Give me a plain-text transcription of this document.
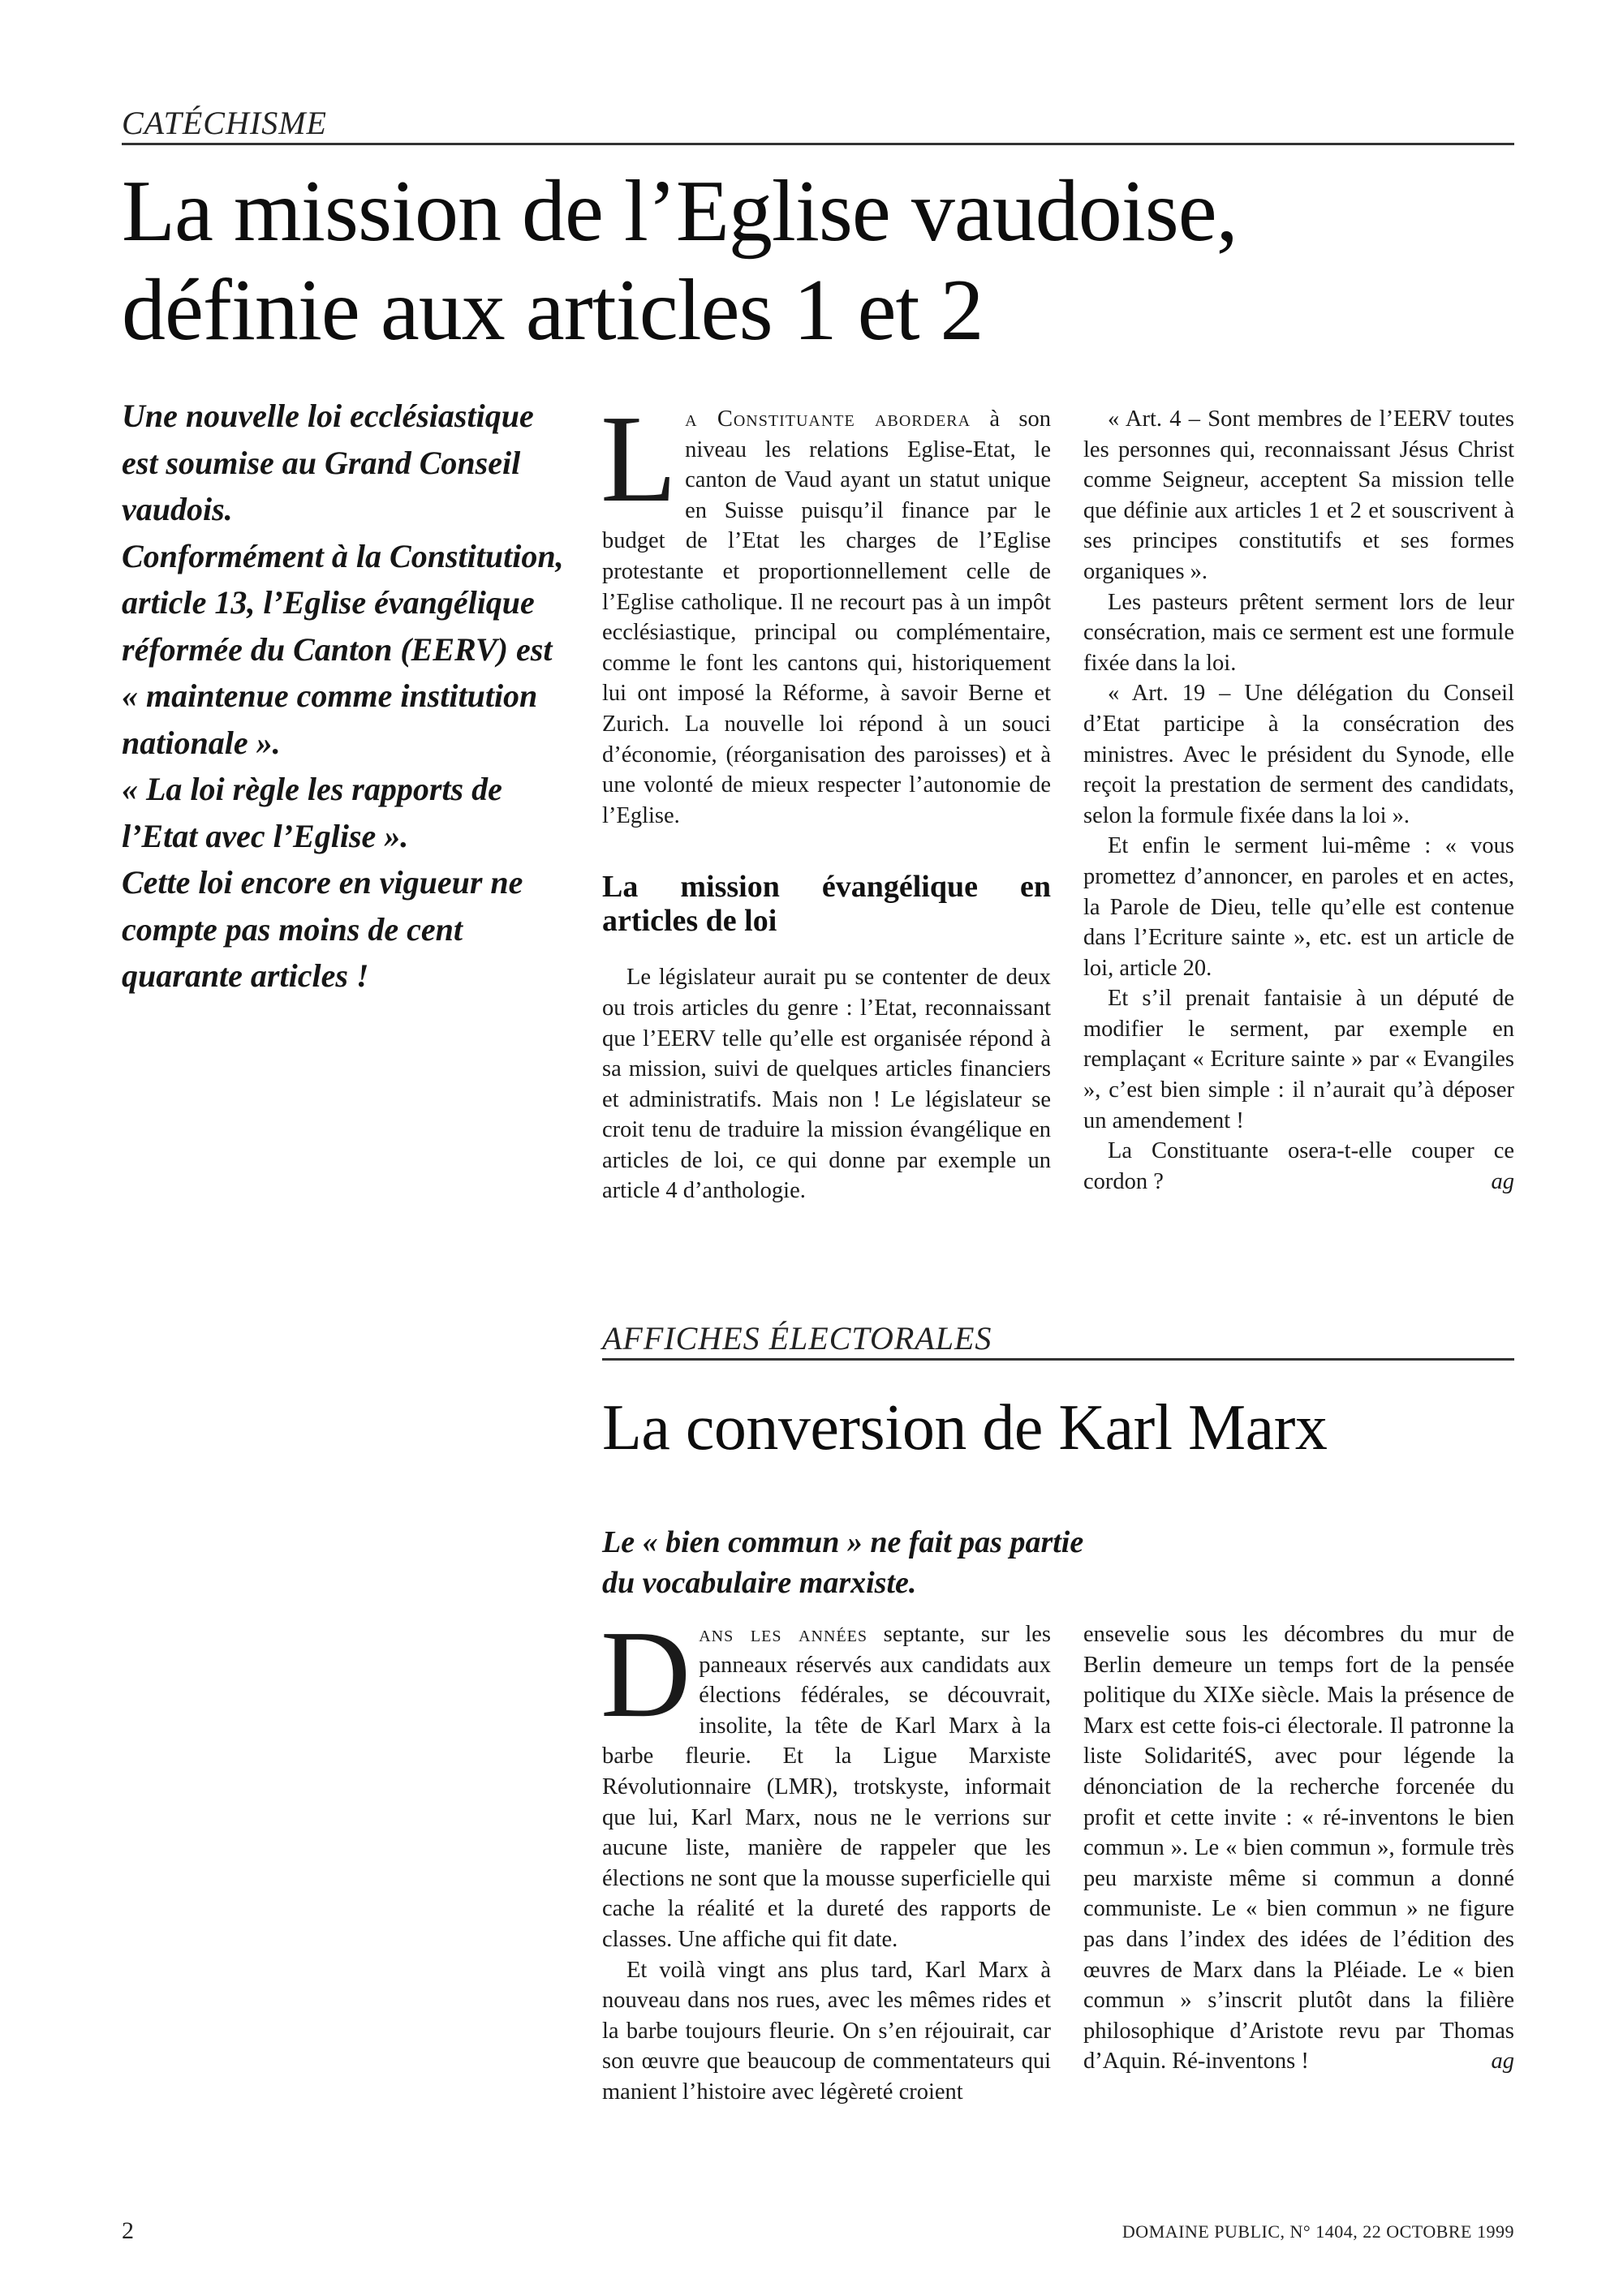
CATÉCHISME
La mission de l’Eglise vaudoise,
définie aux articles 1 et 2

Une nouvelle loi ecclésiastique est soumise au Grand Conseil vaudois.

Conformément à la Constitution, article 13, l’Eglise évangélique réformée du Canton (EERV) est « maintenue comme institution nationale ».

« La loi règle les rapports de l’Etat avec l’Eglise ».

Cette loi encore en vigueur ne compte pas moins de cent quarante articles !

La Constituante abordera à son niveau les relations Eglise-Etat, le canton de Vaud ayant un statut unique en Suisse puisqu’il finance par le budget de l’Etat les charges de l’Eglise protestante et proportionnellement celle de l’Eglise catholique. Il ne recourt pas à un impôt ecclésiastique, principal ou complémentaire, comme le font les cantons qui, historiquement lui ont imposé la Réforme, à savoir Berne et Zurich. La nouvelle loi répond à un souci d’économie, (réorganisation des paroisses) et à une volonté de mieux respecter l’autonomie de l’Eglise.

La mission évangélique en articles de loi

Le législateur aurait pu se contenter de deux ou trois articles du genre : l’Etat, reconnaissant que l’EERV telle qu’elle est organisée répond à sa mission, suivi de quelques articles financiers et administratifs. Mais non ! Le législateur se croit tenu de traduire la mission évangélique en articles de loi, ce qui donne par exemple un article 4 d’anthologie.

« Art. 4 – Sont membres de l’EERV toutes les personnes qui, reconnaissant Jésus Christ comme Seigneur, acceptent Sa mission telle que définie aux articles 1 et 2 et souscrivent à ses principes constitutifs et ses formes organiques ».

Les pasteurs prêtent serment lors de leur consécration, mais ce serment est une formule fixée dans la loi.

« Art. 19 – Une délégation du Conseil d’Etat participe à la consécration des ministres. Avec le président du Synode, elle reçoit la prestation de serment des candidats, selon la formule fixée dans la loi ».

Et enfin le serment lui-même : « vous promettez d’annoncer, en paroles et en actes, la Parole de Dieu, telle qu’elle est contenue dans l’Ecriture sainte », etc. est un article de loi, article 20.

Et s’il prenait fantaisie à un député de modifier le serment, par exemple en remplaçant « Ecriture sainte » par « Evangiles », c’est bien simple : il n’aurait qu’à déposer un amendement !

La Constituante osera-t-elle couper ce cordon ?	ag

AFFICHES ÉLECTORALES
La conversion de Karl Marx
Le « bien commun » ne fait pas partie
du vocabulaire marxiste.

Dans les années septante, sur les panneaux réservés aux candidats aux élections fédérales, se découvrait, insolite, la tête de Karl Marx à la barbe fleurie. Et la Ligue Marxiste Révolutionnaire (LMR), trotskyste, informait que lui, Karl Marx, nous ne le verrions sur aucune liste, manière de rappeler que les élections ne sont que la mousse superficielle qui cache la réalité et la dureté des rapports de classes. Une affiche qui fit date.

Et voilà vingt ans plus tard, Karl Marx à nouveau dans nos rues, avec les mêmes rides et la barbe toujours fleurie. On s’en réjouirait, car son œuvre que beaucoup de commentateurs qui manient l’histoire avec légèreté croient

ensevelie sous les décombres du mur de Berlin demeure un temps fort de la pensée politique du XIXe siècle. Mais la présence de Marx est cette fois-ci électorale. Il patronne la liste SolidaritéS, avec pour légende la dénonciation de la recherche forcenée du profit et cette invite : « ré-inventons le bien commun ». Le « bien commun », formule très peu marxiste même si commun a donné communiste. Le « bien commun » ne figure pas dans l’index des idées de l’édition des œuvres de Marx dans la Pléiade. Le « bien commun » s’inscrit plutôt dans la filière philosophique d’Aristote revu par Thomas d’Aquin. Ré-inventons !	ag

2	DOMAINE PUBLIC, N° 1404, 22 OCTOBRE 1999
